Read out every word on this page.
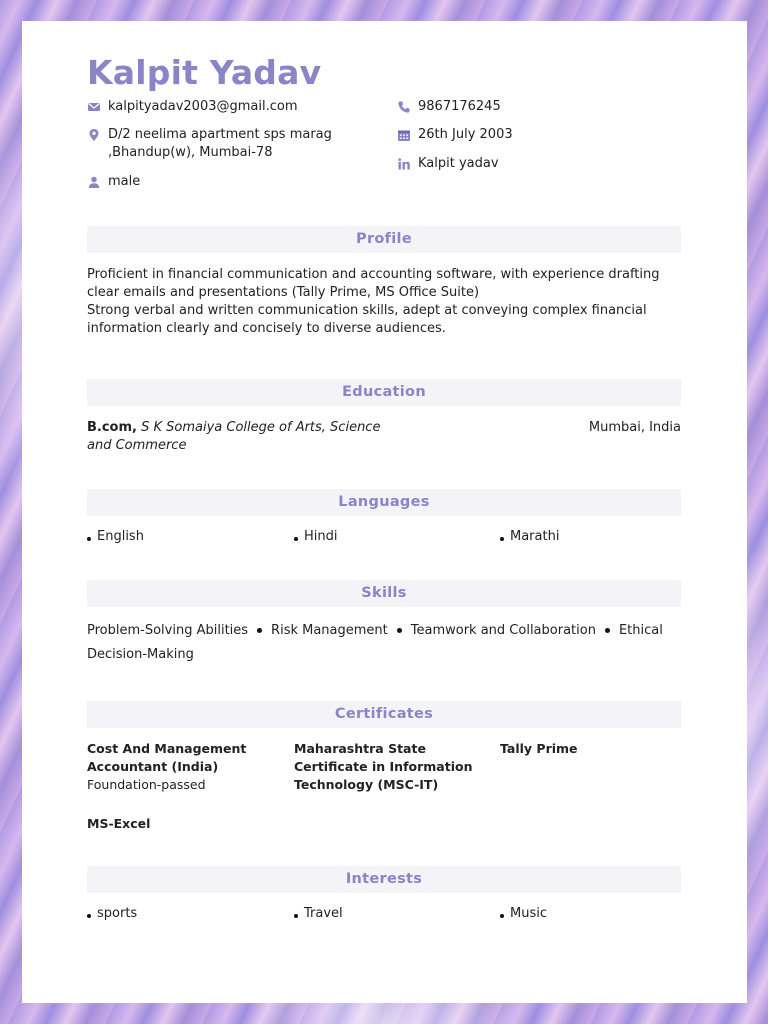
Kalpit Yadav
kalpityadav2003@gmail.com
D/2 neelima apartment sps marag ,Bhandup(w), Mumbai-78
male
9867176245
26th July 2003
Kalpit yadav
Profile
Proficient in financial communication and accounting software, with experience drafting clear emails and presentations (Tally Prime, MS Office Suite)
Strong verbal and written communication skills, adept at conveying complex financial information clearly and concisely to diverse audiences.
Education
B.com, S K Somaiya College of Arts, Science and Commerce
Mumbai, India
Languages
English	Hindi	Marathi
Skills
Problem-Solving Abilities Risk Management Teamwork and Collaboration Ethical Decision-Making
Certificates
Cost And Management Accountant (India)
Foundation-passed
Maharashtra State Certificate in Information Technology (MSC-IT)
Tally Prime
MS-Excel
Interests
sports	Travel	Music
